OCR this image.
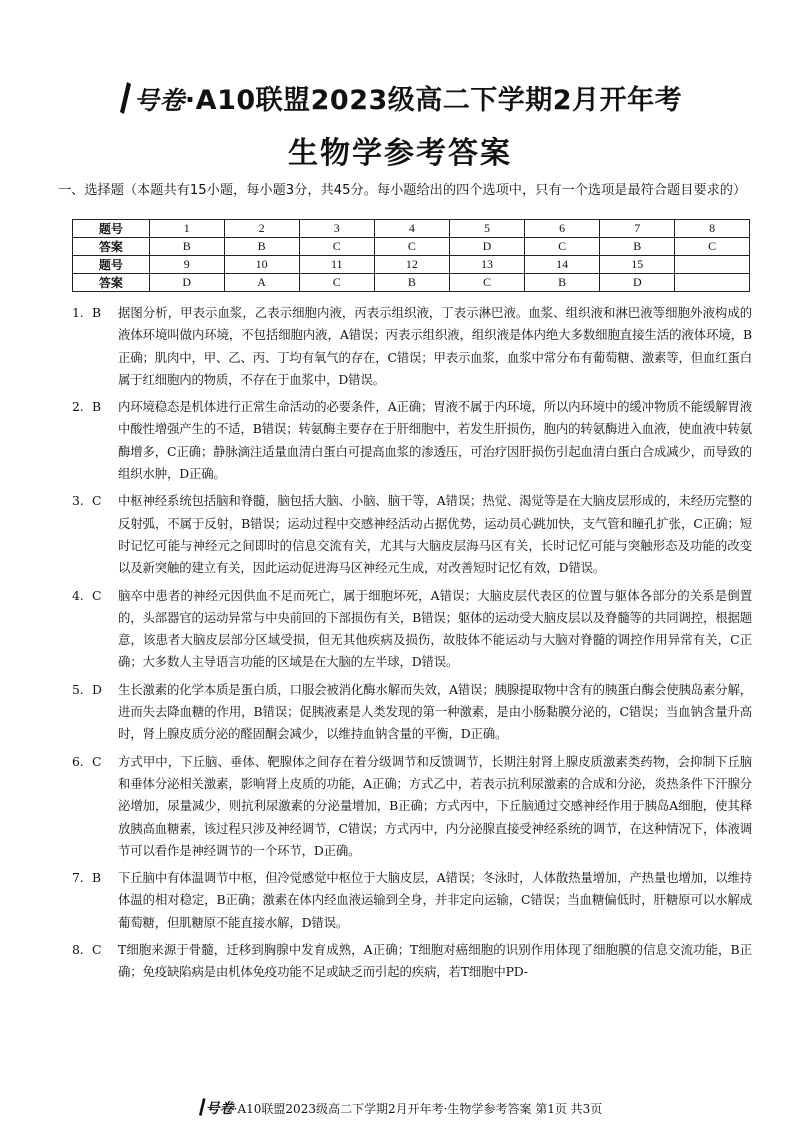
号卷·A10联盟2023级高二下学期2月开年考
生物学参考答案
一、选择题（本题共有15小题，每小题3分，共45分。每小题给出的四个选项中，只有一个选项是最符合题目要求的）
题号	1	2	3	4	5	6	7	8
答案	B	B	C	C	D	C	B	C
题号	9	10	11	12	13	14	15	
答案	D	A	C	B	C	B	D	
1. B 据图分析，甲表示血浆，乙表示细胞内液，丙表示组织液，丁表示淋巴液。血浆、组织液和淋巴液等细胞外液构成的液体环境叫做内环境，不包括细胞内液，A错误；丙表示组织液，组织液是体内绝大多数细胞直接生活的液体环境，B正确；肌肉中，甲、乙、丙、丁均有氧气的存在，C错误；甲表示血浆，血浆中常分布有葡萄糖、激素等，但血红蛋白属于红细胞内的物质，不存在于血浆中，D错误。
2. B 内环境稳态是机体进行正常生命活动的必要条件，A正确；胃液不属于内环境，所以内环境中的缓冲物质不能缓解胃液中酸性增强产生的不适，B错误；转氨酶主要存在于肝细胞中，若发生肝损伤，胞内的转氨酶进入血液，使血液中转氨酶增多，C正确；静脉滴注适量血清白蛋白可提高血浆的渗透压，可治疗因肝损伤引起血清白蛋白合成减少，而导致的组织水肿，D正确。
3. C 中枢神经系统包括脑和脊髓，脑包括大脑、小脑、脑干等，A错误；热觉、渴觉等是在大脑皮层形成的，未经历完整的反射弧，不属于反射，B错误；运动过程中交感神经活动占据优势，运动员心跳加快，支气管和瞳孔扩张，C正确；短时记忆可能与神经元之间即时的信息交流有关，尤其与大脑皮层海马区有关，长时记忆可能与突触形态及功能的改变以及新突触的建立有关，因此运动促进海马区神经元生成，对改善短时记忆有效，D错误。
4. C 脑卒中患者的神经元因供血不足而死亡，属于细胞坏死，A错误；大脑皮层代表区的位置与躯体各部分的关系是倒置的，头部器官的运动异常与中央前回的下部损伤有关，B错误；躯体的运动受大脑皮层以及脊髓等的共同调控，根据题意，该患者大脑皮层部分区域受损，但无其他疾病及损伤，故肢体不能运动与大脑对脊髓的调控作用异常有关，C正确；大多数人主导语言功能的区域是在大脑的左半球，D错误。
5. D 生长激素的化学本质是蛋白质，口服会被消化酶水解而失效，A错误；胰腺提取物中含有的胰蛋白酶会使胰岛素分解，进而失去降血糖的作用，B错误；促胰液素是人类发现的第一种激素，是由小肠黏膜分泌的，C错误；当血钠含量升高时，肾上腺皮质分泌的醛固酮会减少，以维持血钠含量的平衡，D正确。
6. C 方式甲中，下丘脑、垂体、靶腺体之间存在着分级调节和反馈调节，长期注射肾上腺皮质激素类药物，会抑制下丘脑和垂体分泌相关激素，影响肾上皮质的功能，A正确；方式乙中，若表示抗利尿激素的合成和分泌，炎热条件下汗腺分泌增加，尿量减少，则抗利尿激素的分泌量增加，B正确；方式丙中，下丘脑通过交感神经作用于胰岛A细胞，使其释放胰高血糖素，该过程只涉及神经调节，C错误；方式丙中，内分泌腺直接受神经系统的调节，在这种情况下，体液调节可以看作是神经调节的一个环节，D正确。
7. B 下丘脑中有体温调节中枢，但冷觉感觉中枢位于大脑皮层，A错误；冬泳时，人体散热量增加，产热量也增加，以维持体温的相对稳定，B正确；激素在体内经血液运输到全身，并非定向运输，C错误；当血糖偏低时，肝糖原可以水解成葡萄糖，但肌糖原不能直接水解，D错误。
8. C T细胞来源于骨髓，迁移到胸腺中发育成熟，A正确；T细胞对癌细胞的识别作用体现了细胞膜的信息交流功能，B正确；免疫缺陷病是由机体免疫功能不足或缺乏而引起的疾病，若T细胞中PD-
号卷·A10联盟2023级高二下学期2月开年考·生物学参考答案 第1页 共3页
